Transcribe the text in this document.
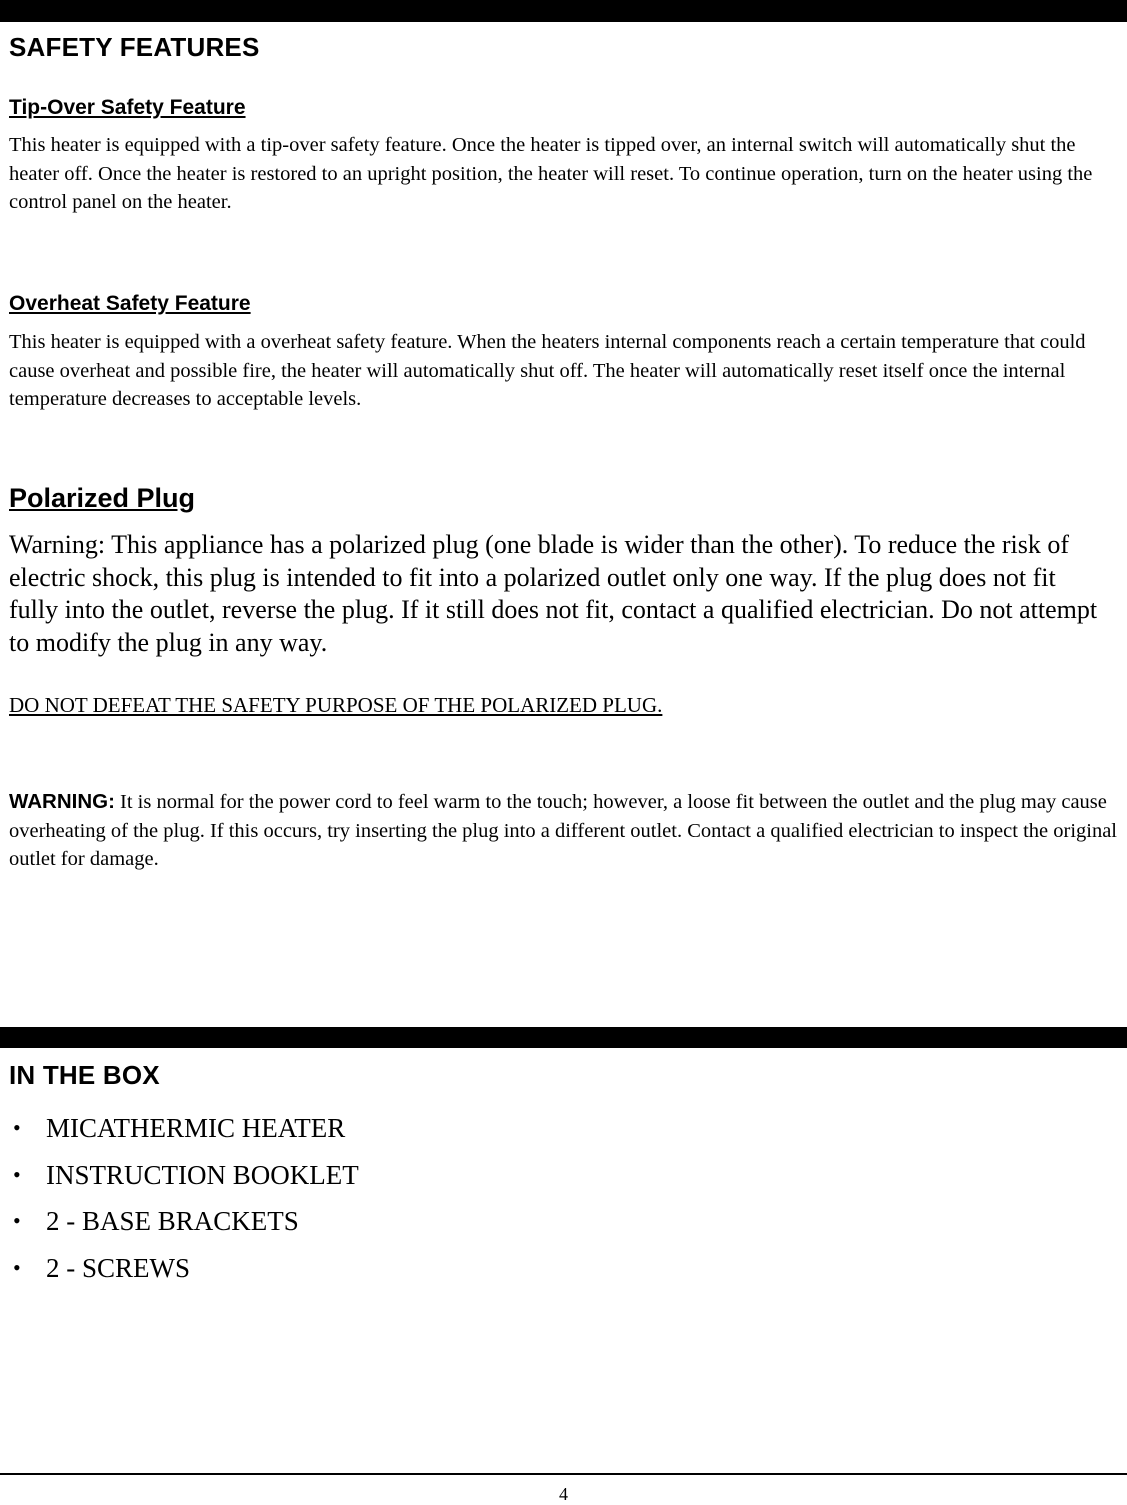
SAFETY FEATURES
Tip-Over Safety Feature

This heater is equipped with a tip-over safety feature. Once the heater is tipped over, an internal switch will automatically shut the heater off. Once the heater is restored to an upright position, the heater will reset. To continue operation, turn on the heater using the control panel on the heater.

Overheat Safety Feature

This heater is equipped with a overheat safety feature. When the heaters internal components reach a certain temperature that could cause overheat and possible fire, the heater will automatically shut off. The heater will automatically reset itself once the internal temperature decreases to acceptable levels.

Polarized Plug

Warning: This appliance has a polarized plug (one blade is wider than the other). To reduce the risk of electric shock, this plug is intended to fit into a polarized outlet only one way. If the plug does not fit fully into the outlet, reverse the plug. If it still does not fit, contact a qualified electrician. Do not attempt to modify the plug in any way.

DO NOT DEFEAT THE SAFETY PURPOSE OF THE POLARIZED PLUG.

WARNING: It is normal for the power cord to feel warm to the touch; however, a loose fit between the outlet and the plug may cause overheating of the plug. If this occurs, try inserting the plug into a different outlet. Contact a qualified electrician to inspect the original outlet for damage.

IN THE BOX
• MICATHERMIC HEATER
• INSTRUCTION BOOKLET
• 2 - BASE BRACKETS
• 2 - SCREWS
4
